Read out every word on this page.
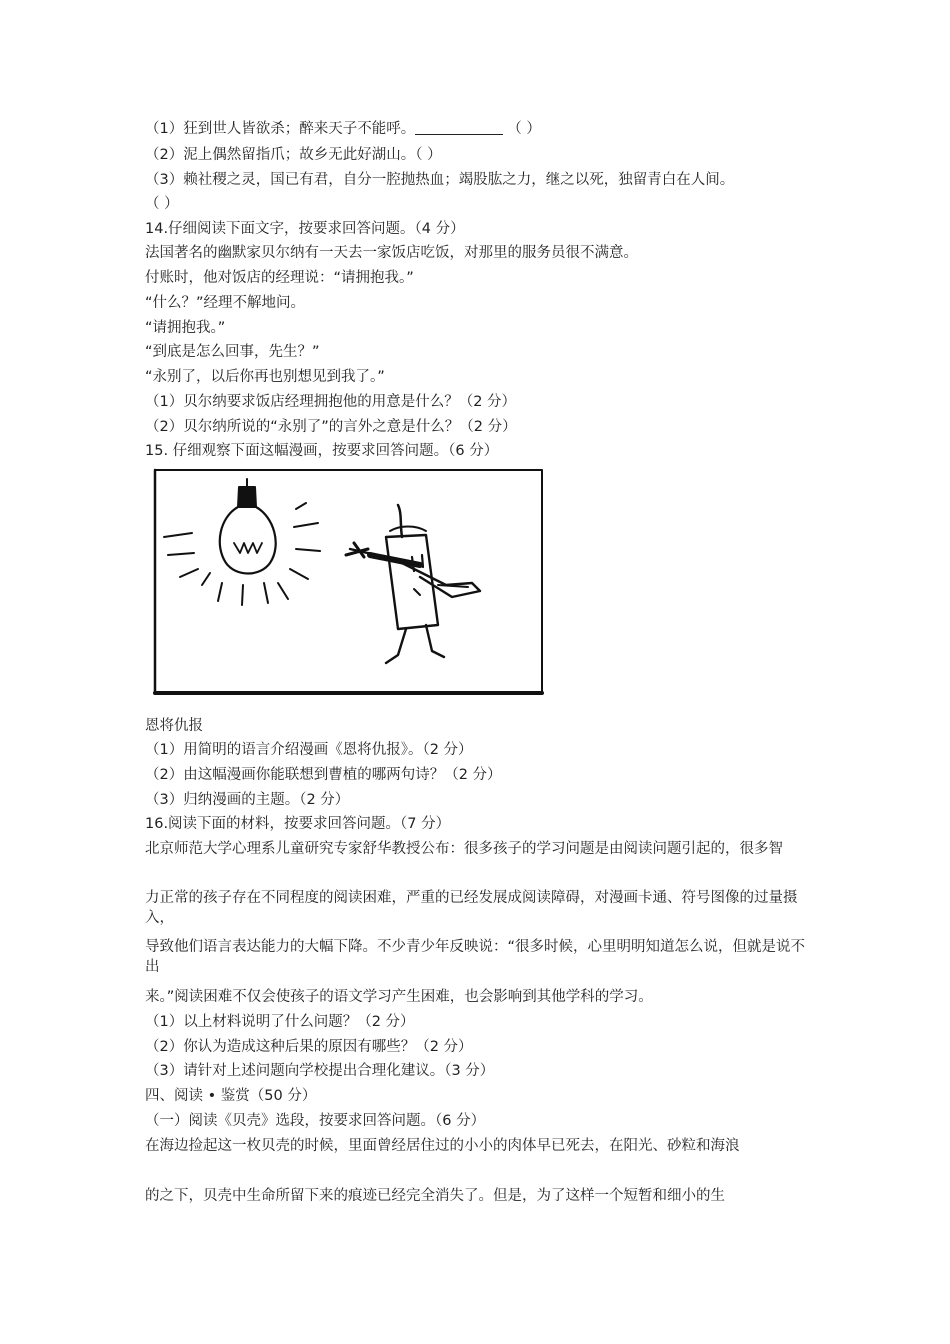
（1）狂到世人皆欲杀；醉来天子不能呼。	（ ）
（2）泥上偶然留指爪；故乡无此好湖山。（ ）
（3）赖社稷之灵，国已有君，自分一腔抛热血；竭股肱之力，继之以死，独留青白在人间。
（ ）
14.仔细阅读下面文字，按要求回答问题。（4 分）
法国著名的幽默家贝尔纳有一天去一家饭店吃饭，对那里的服务员很不满意。
付账时，他对饭店的经理说：“请拥抱我。”
“什么？”经理不解地问。
“请拥抱我。”
“到底是怎么回事，先生？”
“永别了，以后你再也别想见到我了。”
（1）贝尔纳要求饭店经理拥抱他的用意是什么？（2 分）
（2）贝尔纳所说的“永别了”的言外之意是什么？（2 分）
15. 仔细观察下面这幅漫画，按要求回答问题。（6 分）
恩将仇报
（1）用简明的语言介绍漫画《恩将仇报》。（2 分）
（2）由这幅漫画你能联想到曹植的哪两句诗？（2 分）
（3）归纳漫画的主题。（2 分）
16.阅读下面的材料，按要求回答问题。（7 分）
北京师范大学心理系儿童研究专家舒华教授公布：很多孩子的学习问题是由阅读问题引起的，很多智
力正常的孩子存在不同程度的阅读困难，严重的已经发展成阅读障碍，对漫画卡通、符号图像的过量摄入，
导致他们语言表达能力的大幅下降。不少青少年反映说：“很多时候，心里明明知道怎么说，但就是说不出
来。”阅读困难不仅会使孩子的语文学习产生困难，也会影响到其他学科的学习。
（1）以上材料说明了什么问题？（2 分）
（2）你认为造成这种后果的原因有哪些？（2 分）
（3）请针对上述问题向学校提出合理化建议。（3 分）
四、阅读 • 鉴赏（50 分）
（一）阅读《贝壳》选段，按要求回答问题。（6 分）
在海边捡起这一枚贝壳的时候，里面曾经居住过的小小的肉体早已死去，在阳光、砂粒和海浪
的之下，贝壳中生命所留下来的痕迹已经完全消失了。但是，为了这样一个短暂和细小的生
